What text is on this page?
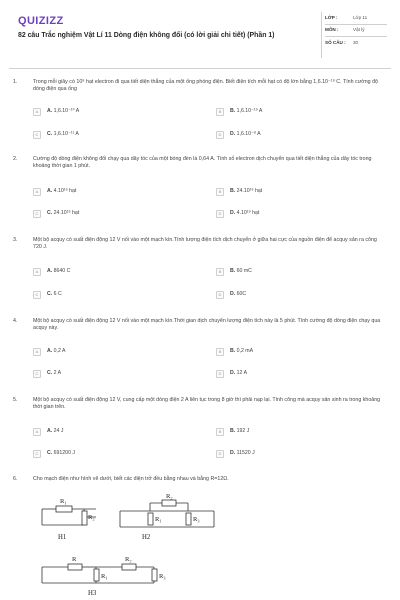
QUIZIZZ
82 câu Trắc nghiệm Vật Lí 11 Dòng điện không đổi (có lời giải chi tiết) (Phần 1)
LỚP :	Lớp 11
MÔN :	Vật lý
SỐ CÂU :	30
1.	Trong mỗi giây có 10⁹ hạt electron đi qua tiết diện thẳng của một ống phóng điện. Biết điện tích mỗi hạt có độ lớn bằng 1,6.10⁻¹⁹ C. Tính cường độ dòng điện qua ống
A	A. 1,6.10⁻¹⁰ A	B	B. 1,6.10⁻¹⁹ A
C	C. 1,6.10⁻¹¹ A	D	D. 1,6.10⁻⁸ A
2.	Cường độ dòng điện không đổi chạy qua dây tóc của một bóng đèn là 0,64 A. Tính số electron dịch chuyển qua tiết diện thẳng của dây tóc trong khoảng thời gian 1 phút.
A	A. 4.10¹⁹ hạt	B	B. 24.10¹⁹ hạt
C	C. 24.10¹⁹ hạt	D	D. 4.10¹⁹ hạt
3.	Một bộ acquy có suất điện động 12 V nối vào một mạch kín.Tính lượng điện tích dịch chuyển ở giữa hai cực của nguồn điện để acquy sản ra công 720 J.
A	A. 8640 C	B	B. 60 mC
C	C. 6 C	D	D. 60C
4.	Một bộ acquy có suất điện động 12 V nối vào một mạch kín.Thời gian dịch chuyển lượng điện tích này là 5 phút. Tính cường độ dòng điện chạy qua acquy này.
A	A. 0,2 A	B	B. 0,2 mA
C	C. 2 A	D	D. 12 A
5.	Một bộ acquy có suất điện động 12 V, cung cấp một dòng điện 2 A liên tục trong 8 giờ thì phải nạp lại. Tính công mà acquy sản sinh ra trong khoảng thời gian trên.
A	A. 24 J	B	B. 192 J
C	C. 691200 J	D	D. 11520 J
6.	Cho mạch điện như hình vẽ dưới, biết các điện trở đều bằng nhau và bằng R=12Ω.
R₁
R₂
H1
R₂
R₁	R₃
H2
R	R₂
R₁	R₃
H3
